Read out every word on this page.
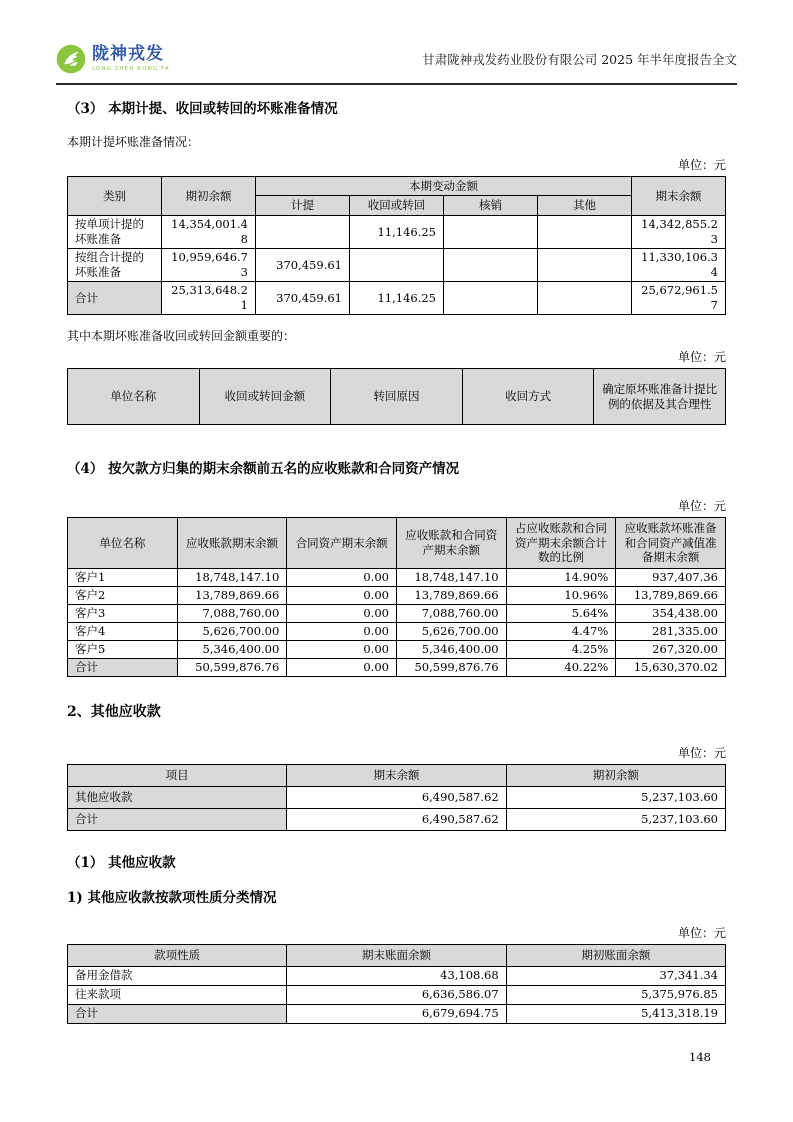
陇神戎发
LONG SHEN RONG FA
甘肃陇神戎发药业股份有限公司 2025 年半年度报告全文
（3） 本期计提、收回或转回的坏账准备情况
本期计提坏账准备情况：
单位：元
类别	期初余额	本期变动金额				期末余额
		计提	收回或转回	核销	其他	
按单项计提的坏账准备	14,354,001.48		11,146.25			14,342,855.23
按组合计提的坏账准备	10,959,646.73	370,459.61				11,330,106.34
合计	25,313,648.21	370,459.61	11,146.25			25,672,961.57
其中本期坏账准备收回或转回金额重要的：
单位：元
单位名称	收回或转回金额	转回原因	收回方式	确定原坏账准备计提比例的依据及其合理性
（4） 按欠款方归集的期末余额前五名的应收账款和合同资产情况
单位：元
单位名称	应收账款期末余额	合同资产期末余额	应收账款和合同资产期末余额	占应收账款和合同资产期末余额合计数的比例	应收账款坏账准备和合同资产减值准备期末余额
客户1	18,748,147.10	0.00	18,748,147.10	14.90%	937,407.36
客户2	13,789,869.66	0.00	13,789,869.66	10.96%	13,789,869.66
客户3	7,088,760.00	0.00	7,088,760.00	5.64%	354,438.00
客户4	5,626,700.00	0.00	5,626,700.00	4.47%	281,335.00
客户5	5,346,400.00	0.00	5,346,400.00	4.25%	267,320.00
合计	50,599,876.76	0.00	50,599,876.76	40.22%	15,630,370.02
2、其他应收款
单位：元
项目	期末余额	期初余额
其他应收款	6,490,587.62	5,237,103.60
合计	6,490,587.62	5,237,103.60
（1） 其他应收款
1) 其他应收款按款项性质分类情况
单位：元
款项性质	期末账面余额	期初账面余额
备用金借款	43,108.68	37,341.34
往来款项	6,636,586.07	5,375,976.85
合计	6,679,694.75	5,413,318.19
148
